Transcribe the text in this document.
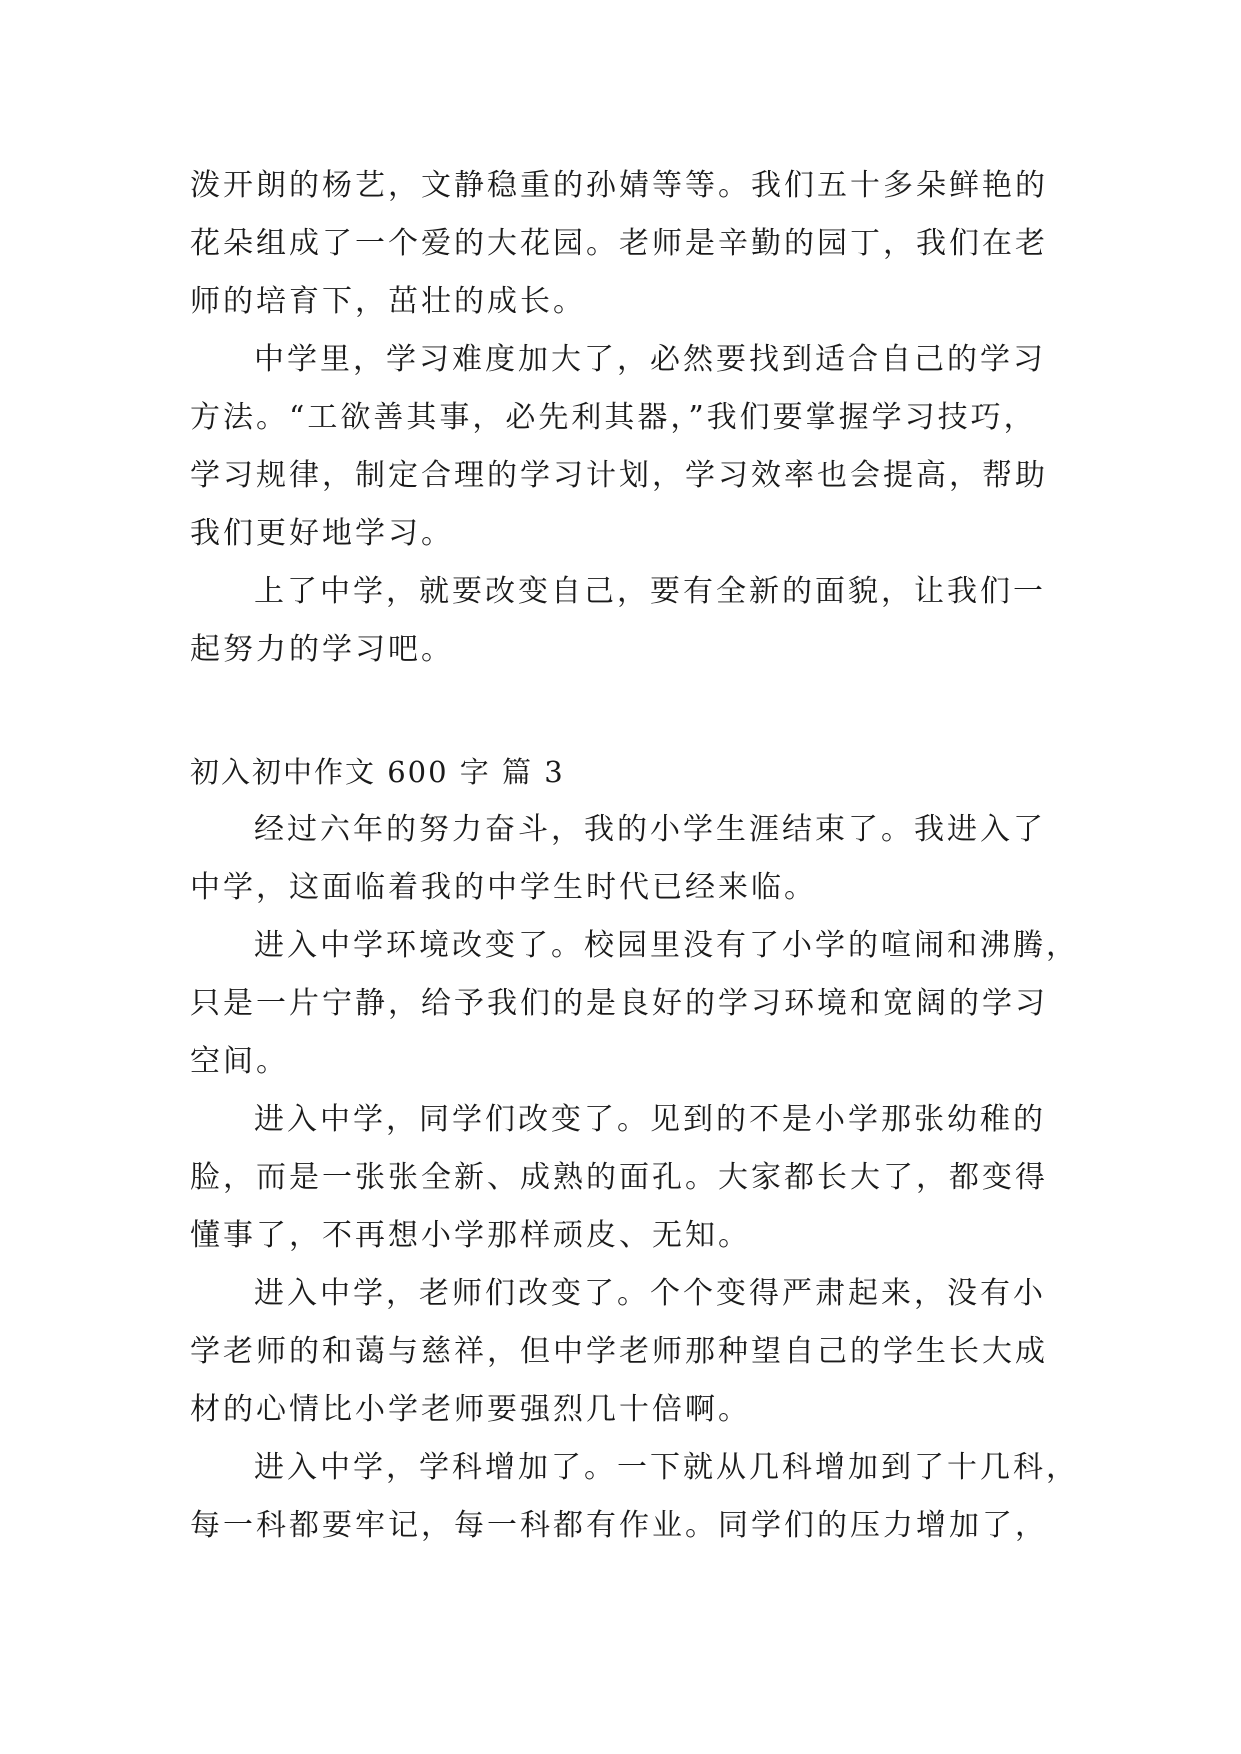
泼开朗的杨艺，文静稳重的孙婧等等。我们五十多朵鲜艳的
花朵组成了一个爱的大花园。老师是辛勤的园丁，我们在老
师的培育下，茁壮的成长。
中学里，学习难度加大了，必然要找到适合自己的学习
方法。“工欲善其事，必先利其器，”我们要掌握学习技巧，
学习规律，制定合理的学习计划，学习效率也会提高，帮助
我们更好地学习。
上了中学，就要改变自己，要有全新的面貌，让我们一
起努力的学习吧。
初入初中作文 600 字 篇 3
经过六年的努力奋斗，我的小学生涯结束了。我进入了
中学，这面临着我的中学生时代已经来临。
进入中学环境改变了。校园里没有了小学的喧闹和沸腾，
只是一片宁静，给予我们的是良好的学习环境和宽阔的学习
空间。
进入中学，同学们改变了。见到的不是小学那张幼稚的
脸，而是一张张全新、成熟的面孔。大家都长大了，都变得
懂事了，不再想小学那样顽皮、无知。
进入中学，老师们改变了。个个变得严肃起来，没有小
学老师的和蔼与慈祥，但中学老师那种望自己的学生长大成
材的心情比小学老师要强烈几十倍啊。
进入中学，学科增加了。一下就从几科增加到了十几科，
每一科都要牢记，每一科都有作业。同学们的压力增加了，
